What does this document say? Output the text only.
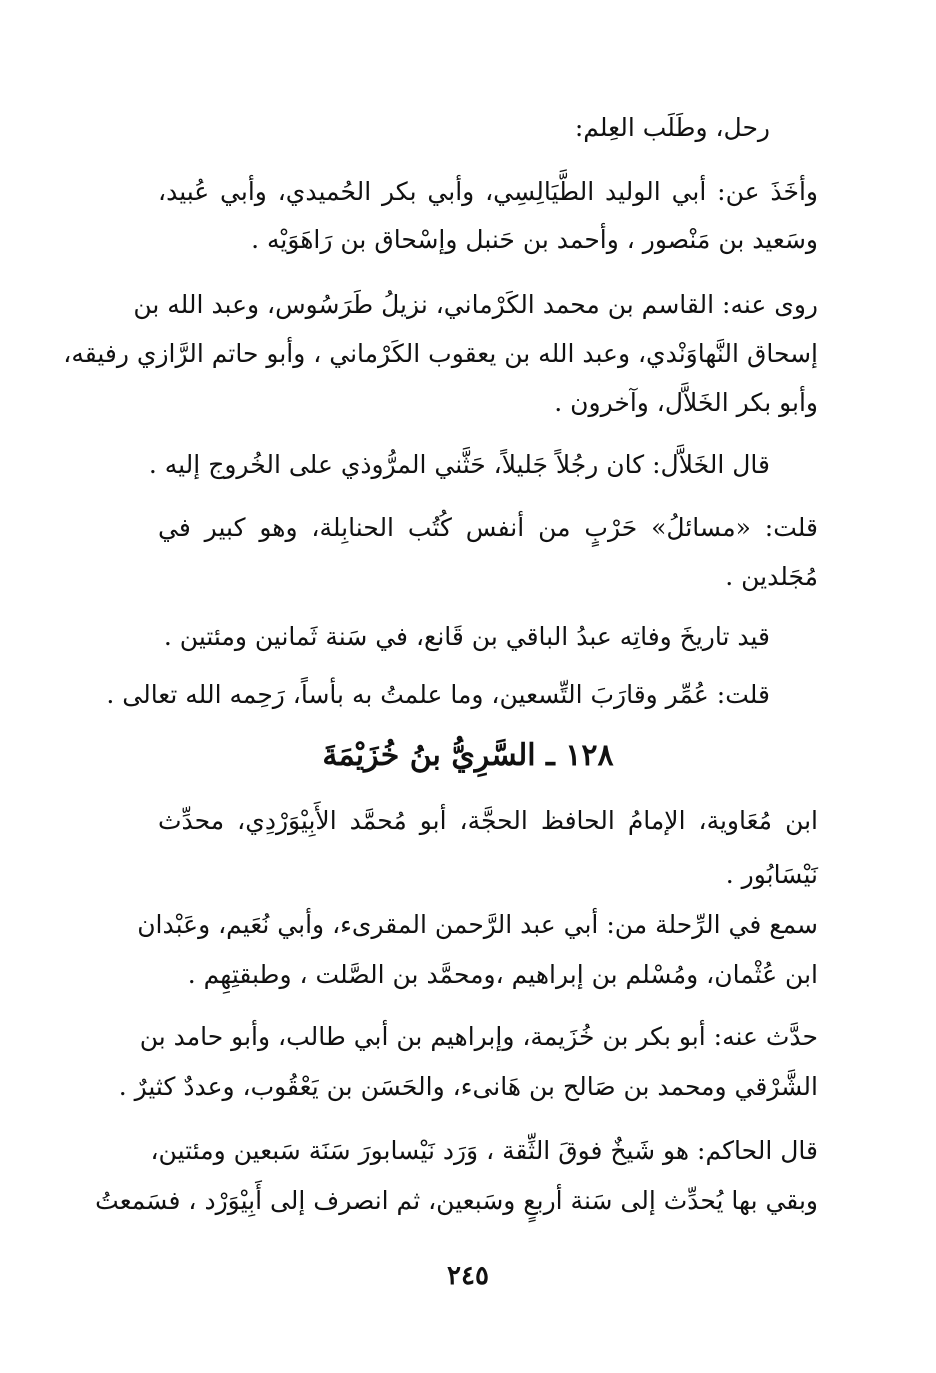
رحل، وطَلَب العِلم:
وأخَذَ عن: أبي الوليد الطَّيَالِسِي، وأبي بكر الحُميدي، وأبي عُبيد،
وسَعيد بن مَنْصور ، وأحمد بن حَنبل وإسْحاق بن رَاهَوَيْه .
روى عنه: القاسم بن محمد الكَرْماني، نزيلُ طَرَسُوس، وعبد الله بن
إسحاق النَّهاوَنْدي، وعبد الله بن يعقوب الكَرْماني ، وأبو حاتم الرَّازي رفيقه،
وأبو بكر الخَلاَّل، وآخرون .
قال الخَلاَّل: كان رجُلاً جَليلاً، حَثَّني المرُّوذي على الخُروج إليه .
قلت: «مسائلُ» حَرْبٍ من أنفس كُتُب الحنابِلة، وهو كبير في
مُجَلدين .
قيد تاريخَ وفاتِه عبدُ الباقي بن قَانع، في سَنة ثَمانين ومئتين .
قلت: عُمِّر وقارَبَ التِّسعين، وما علمتُ به بأساً، رَحِمه الله تعالى .
١٢٨ ـ السَّرِيُّ بنُ خُزَيْمَةَ
ابن مُعَاوية، الإمامُ الحافظ الحجَّة، أبو مُحمَّد الأَبِيْوَرْدِي، محدِّث
نَيْسَابُور .
سمع في الرِّحلة من: أبي عبد الرَّحمن المقرىء، وأبي نُعَيم، وعَبْدان
ابن عُثْمان، ومُسْلم بن إبراهيم ،ومحمَّد بن الصَّلت ، وطبقتِهِم .
حدَّث عنه: أبو بكر بن خُزَيمة، وإبراهيم بن أبي طالب، وأبو حامد بن
الشَّرْقي ومحمد بن صَالح بن هَانىء، والحَسَن بن يَعْقُوب، وعددٌ كثيرٌ .
قال الحاكم: هو شَيخٌ فوقَ الثِّقة ، وَرَد نَيْسابورَ سَنَة سَبعين ومئتين،
وبقي بها يُحدِّث إلى سَنة أربعٍ وسَبعين، ثم انصرف إلى أَبِيْوَرْد ، فسَمعتُ
٢٤٥
